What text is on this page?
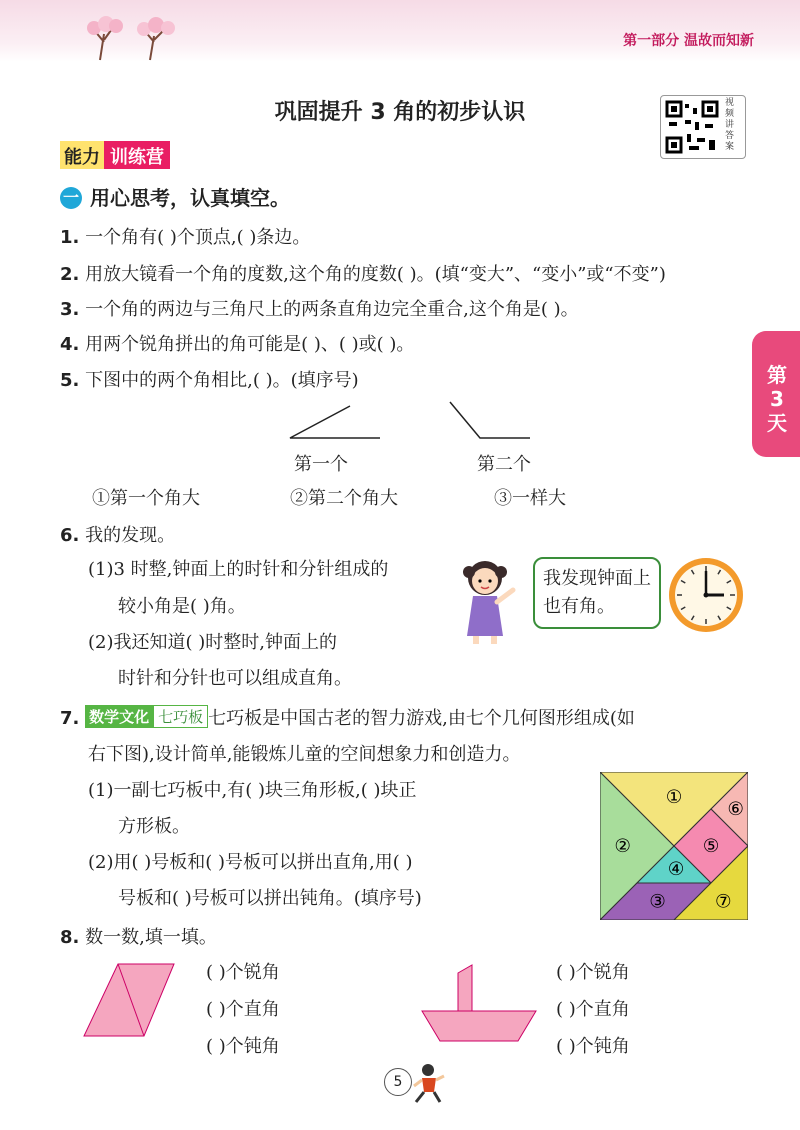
第一部分 温故而知新
巩固提升 3 角的初步认识	视频讲答案
能力 训练营
一 用心思考，认真填空。
第3天
1. 一个角有( )个顶点,( )条边。
2. 用放大镜看一个角的度数,这个角的度数( )。(填“变大”、“变小”或“不变”)
3. 一个角的两边与三角尺上的两条直角边完全重合,这个角是( )。
4. 用两个锐角拼出的角可能是( )、( )或( )。
5. 下图中的两个角相比,( )。(填序号)
第一个	第二个
①第一个角大	②第二个角大	③一样大
6. 我的发现。
(1)3 时整,钟面上的时针和分针组成的
较小角是( )角。
(2)我还知道( )时整时,钟面上的
时针和分针也可以组成直角。
我发现钟面上也有角。
7. 数学文化 七巧板 七巧板是中国古老的智力游戏,由七个几何图形组成(如
右下图),设计简单,能锻炼儿童的空间想象力和创造力。
(1)一副七巧板中,有( )块三角形板,( )块正
方形板。
(2)用( )号板和( )号板可以拼出直角,用( )
号板和( )号板可以拼出钝角。(填序号)
①
②
③
④
⑤
⑥
⑦
8. 数一数,填一填。
( )个锐角
( )个直角
( )个钝角
( )个锐角
( )个直角
( )个钝角
5
